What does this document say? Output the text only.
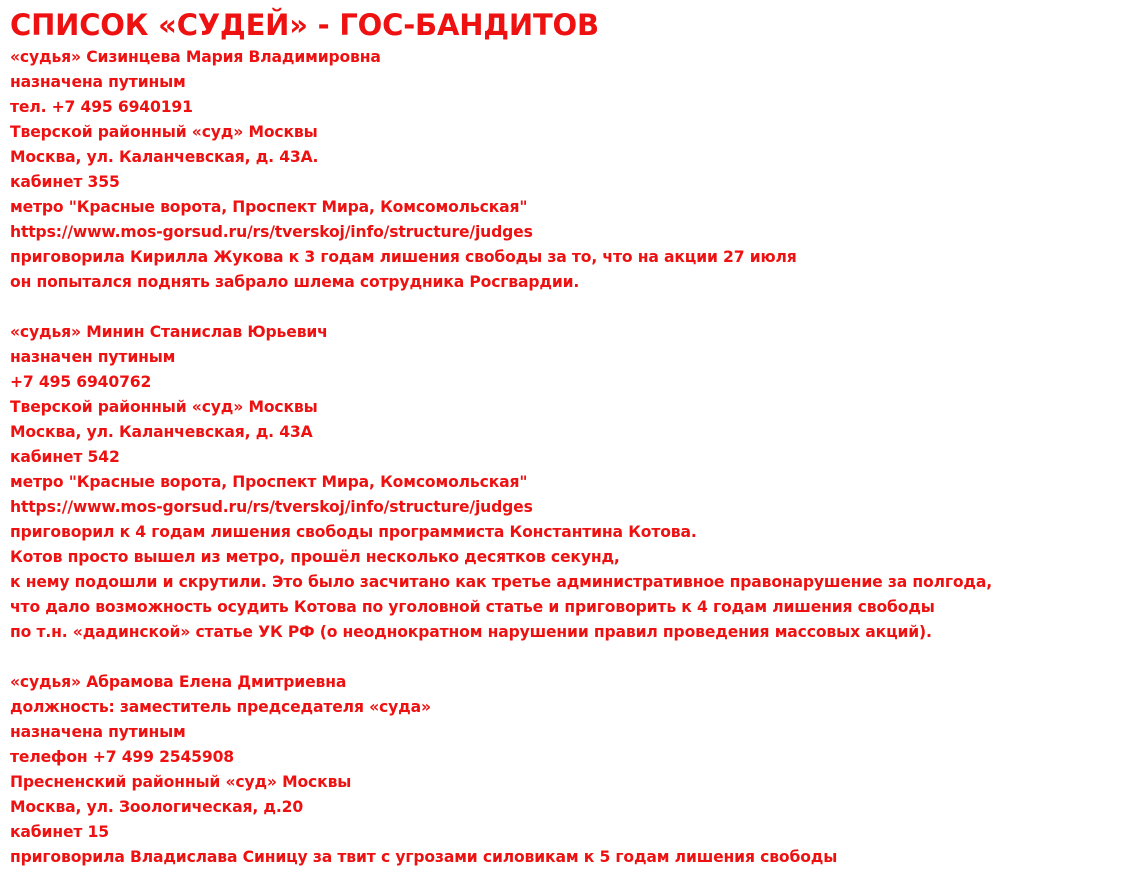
СПИСОК «СУДЕЙ» - ГОС-БАНДИТОВ
«судья» Сизинцева Мария Владимировна
назначена путиным
тел. +7 495 6940191
Тверской районный «суд» Москвы
Москва, ул. Каланчевская, д. 43А.
кабинет 355
метро "Красные ворота, Проспект Мира, Комсомольская"
https://www.mos-gorsud.ru/rs/tverskoj/info/structure/judges
приговорила Кирилла Жукова к 3 годам лишения свободы за то, что на акции 27 июля
он попытался поднять забрало шлема сотрудника Росгвардии.
«судья» Минин Станислав Юрьевич
назначен путиным
+7 495 6940762
Тверской районный «суд» Москвы
Москва, ул. Каланчевская, д. 43А
кабинет 542
метро "Красные ворота, Проспект Мира, Комсомольская"
https://www.mos-gorsud.ru/rs/tverskoj/info/structure/judges
приговорил к 4 годам лишения свободы программиста Константина Котова.
Котов просто вышел из метро, прошёл несколько десятков секунд,
к нему подошли и скрутили. Это было засчитано как третье административное правонарушение за полгода,
что дало возможность осудить Котова по уголовной статье и приговорить к 4 годам лишения свободы
по т.н. «дадинской» статье УК РФ (о неоднократном нарушении правил проведения массовых акций).
«судья» Абрамова Елена Дмитриевна
должность: заместитель председателя «суда»
назначена путиным
телефон +7 499 2545908
Пресненский районный «суд» Москвы
Москва, ул. Зоологическая, д.20
кабинет 15
приговорила Владислава Синицу за твит с угрозами силовикам к 5 годам лишения свободы
